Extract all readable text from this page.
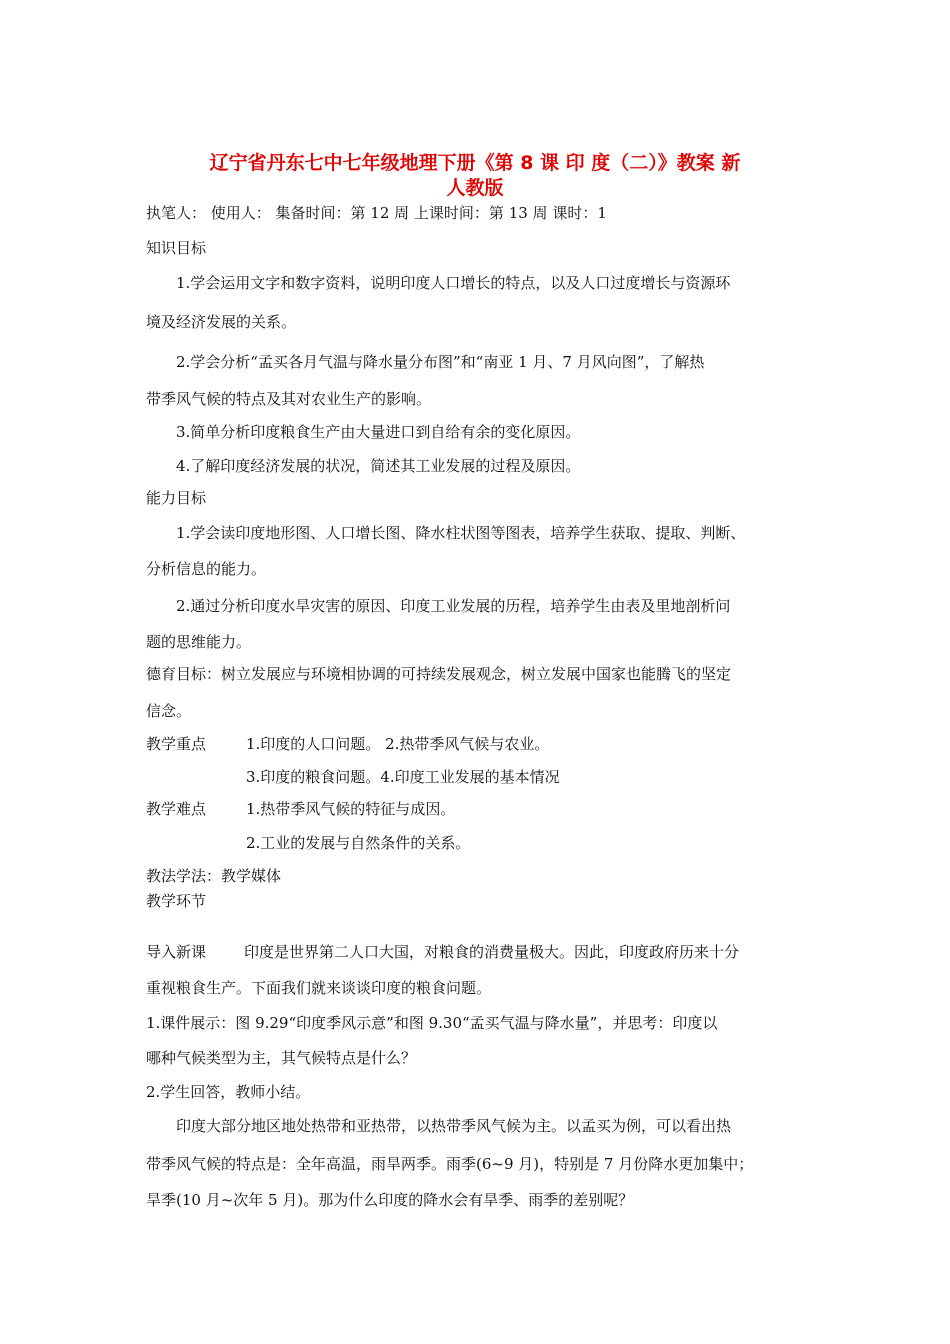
辽宁省丹东七中七年级地理下册《第 8 课 印 度（二）》教案 新
人教版
执笔人： 使用人： 集备时间：第 12 周 上课时间：第 13 周 课时：1
知识目标
1.学会运用文字和数字资料，说明印度人口增长的特点，以及人口过度增长与资源环
境及经济发展的关系。
2.学会分析“孟买各月气温与降水量分布图”和“南亚 1 月、7 月风向图”，了解热
带季风气候的特点及其对农业生产的影响。
3.简单分析印度粮食生产由大量进口到自给有余的变化原因。
4.了解印度经济发展的状况，简述其工业发展的过程及原因。
能力目标
1.学会读印度地形图、人口增长图、降水柱状图等图表，培养学生获取、提取、判断、
分析信息的能力。
2.通过分析印度水旱灾害的原因、印度工业发展的历程，培养学生由表及里地剖析问
题的思维能力。
德育目标：树立发展应与环境相协调的可持续发展观念，树立发展中国家也能腾飞的坚定
信念。
教学重点	1.印度的人口问题。 2.热带季风气候与农业。
3.印度的粮食问题。4.印度工业发展的基本情况
教学难点	1.热带季风气候的特征与成因。
2.工业的发展与自然条件的关系。
教法学法：教学媒体
教学环节
导入新课	印度是世界第二人口大国，对粮食的消费量极大。因此，印度政府历来十分
重视粮食生产。下面我们就来谈谈印度的粮食问题。
1.课件展示：图 9.29“印度季风示意”和图 9.30“孟买气温与降水量”，并思考：印度以
哪种气候类型为主，其气候特点是什么？
2.学生回答，教师小结。
印度大部分地区地处热带和亚热带，以热带季风气候为主。以孟买为例，可以看出热
带季风气候的特点是：全年高温，雨旱两季。雨季(6~9 月)，特别是 7 月份降水更加集中；
旱季(10 月~次年 5 月)。那为什么印度的降水会有旱季、雨季的差别呢？
